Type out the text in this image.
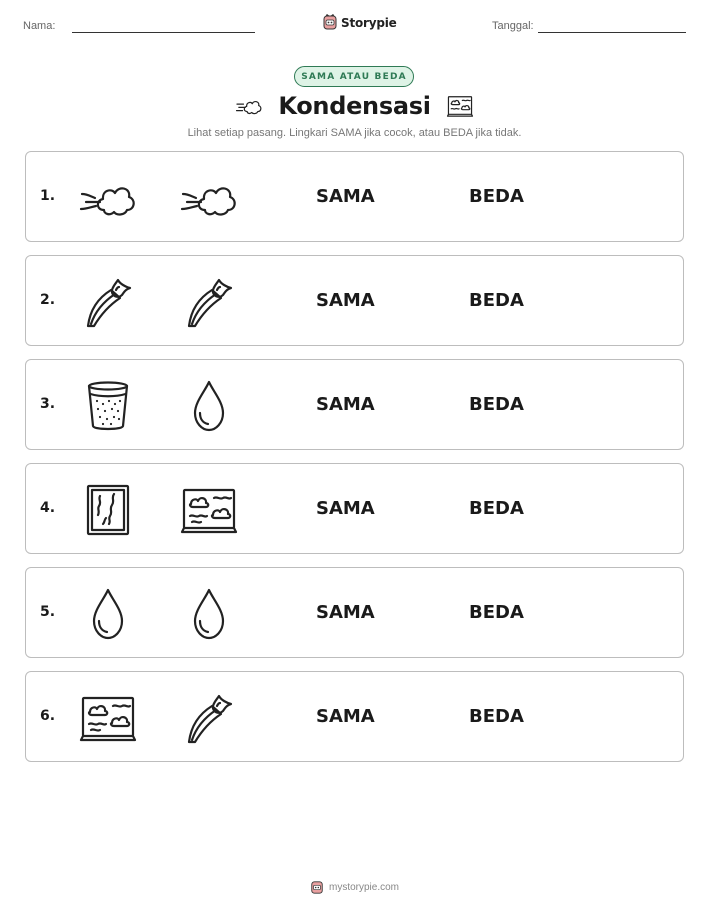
Nama:	Storypie	Tanggal:
SAMA ATAU BEDA
Kondensasi
Lihat setiap pasang. Lingkari SAMA jika cocok, atau BEDA jika tidak.
1.	SAMA	BEDA
2.	SAMA	BEDA
3.	SAMA	BEDA
4.	SAMA	BEDA
5.	SAMA	BEDA
6.	SAMA	BEDA
mystorypie.com
